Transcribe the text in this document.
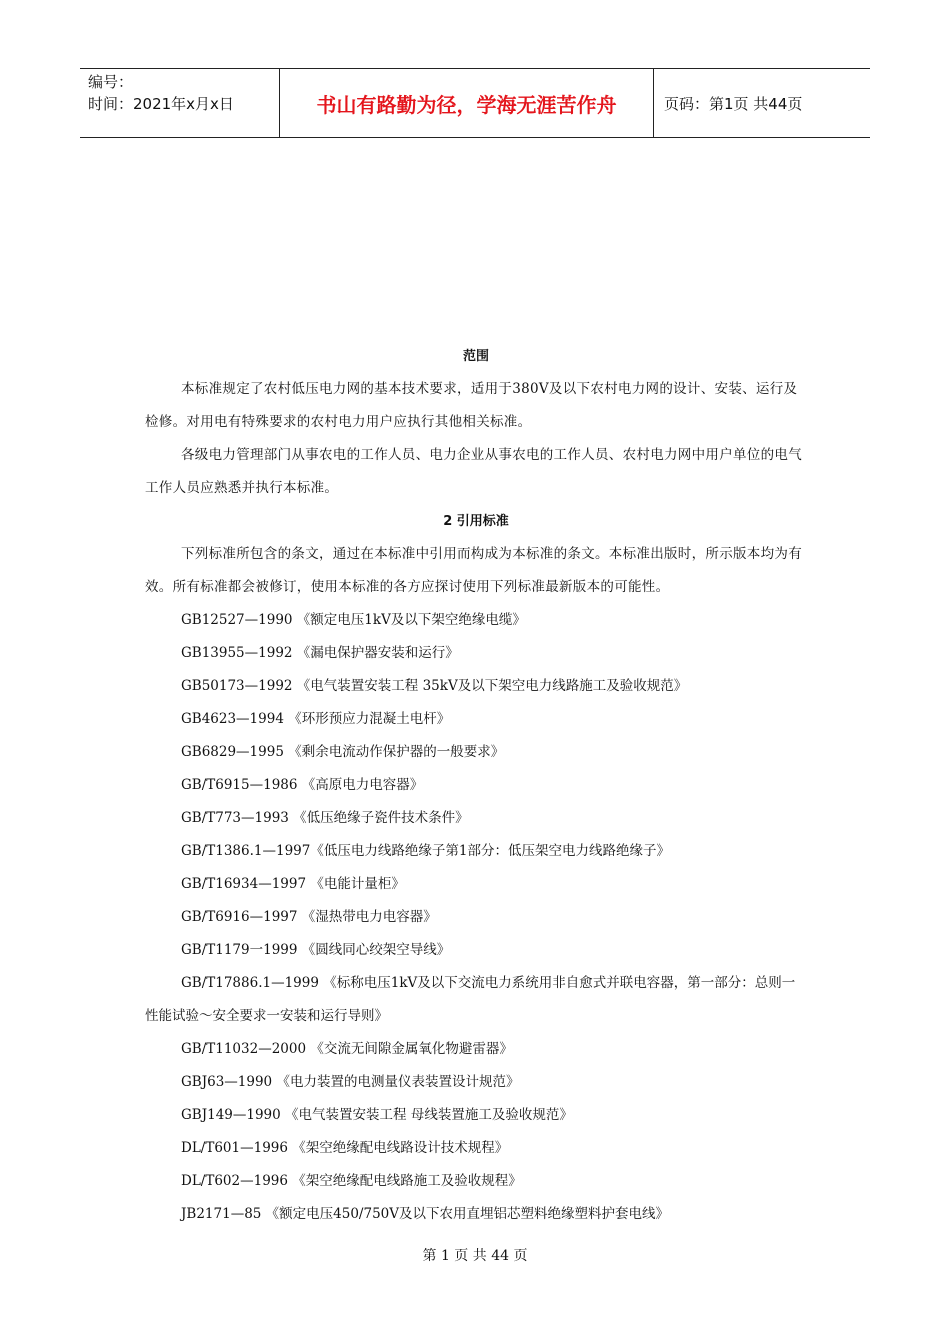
编号：
时间：2021年x月x日	书山有路勤为径，学海无涯苦作舟	页码：第1页 共44页
范围

本标准规定了农村低压电力网的基本技术要求，适用于380V及以下农村电力网的设计、安装、运行及检修。对用电有特殊要求的农村电力用户应执行其他相关标准。

各级电力管理部门从事农电的工作人员、电力企业从事农电的工作人员、农村电力网中用户单位的电气工作人员应熟悉并执行本标准。

2 引用标准

下列标准所包含的条文，通过在本标准中引用而构成为本标准的条文。本标准出版时，所示版本均为有效。所有标准都会被修订，使用本标准的各方应探讨使用下列标准最新版本的可能性。

GB12527—1990 《额定电压1kV及以下架空绝缘电缆》
GB13955—1992 《漏电保护器安装和运行》
GB50173—1992 《电气装置安装工程 35kV及以下架空电力线路施工及验收规范》
GB4623—1994 《环形预应力混凝土电杆》
GB6829—1995 《剩余电流动作保护器的一般要求》
GB/T6915—1986 《高原电力电容器》
GB/T773—1993 《低压绝缘子瓷件技术条件》
GB/T1386.1—1997《低压电力线路绝缘子第1部分：低压架空电力线路绝缘子》
GB/T16934—1997 《电能计量柜》
GB/T6916—1997 《湿热带电力电容器》
GB/T1179一1999 《圆线同心绞架空导线》
GB/T17886.1—1999 《标称电压1kV及以下交流电力系统用非自愈式并联电容器，第一部分：总则一性能试验～安全要求一安装和运行导则》
GB/T11032—2000 《交流无间隙金属氧化物避雷器》
GBJ63—1990 《电力装置的电测量仪表装置设计规范》
GBJ149—1990 《电气装置安装工程 母线装置施工及验收规范》
DL/T601—1996 《架空绝缘配电线路设计技术规程》
DL/T602—1996 《架空绝缘配电线路施工及验收规程》
JB2171—85 《额定电压450/750V及以下农用直埋铝芯塑料绝缘塑料护套电线》
第 1 页 共 44 页
